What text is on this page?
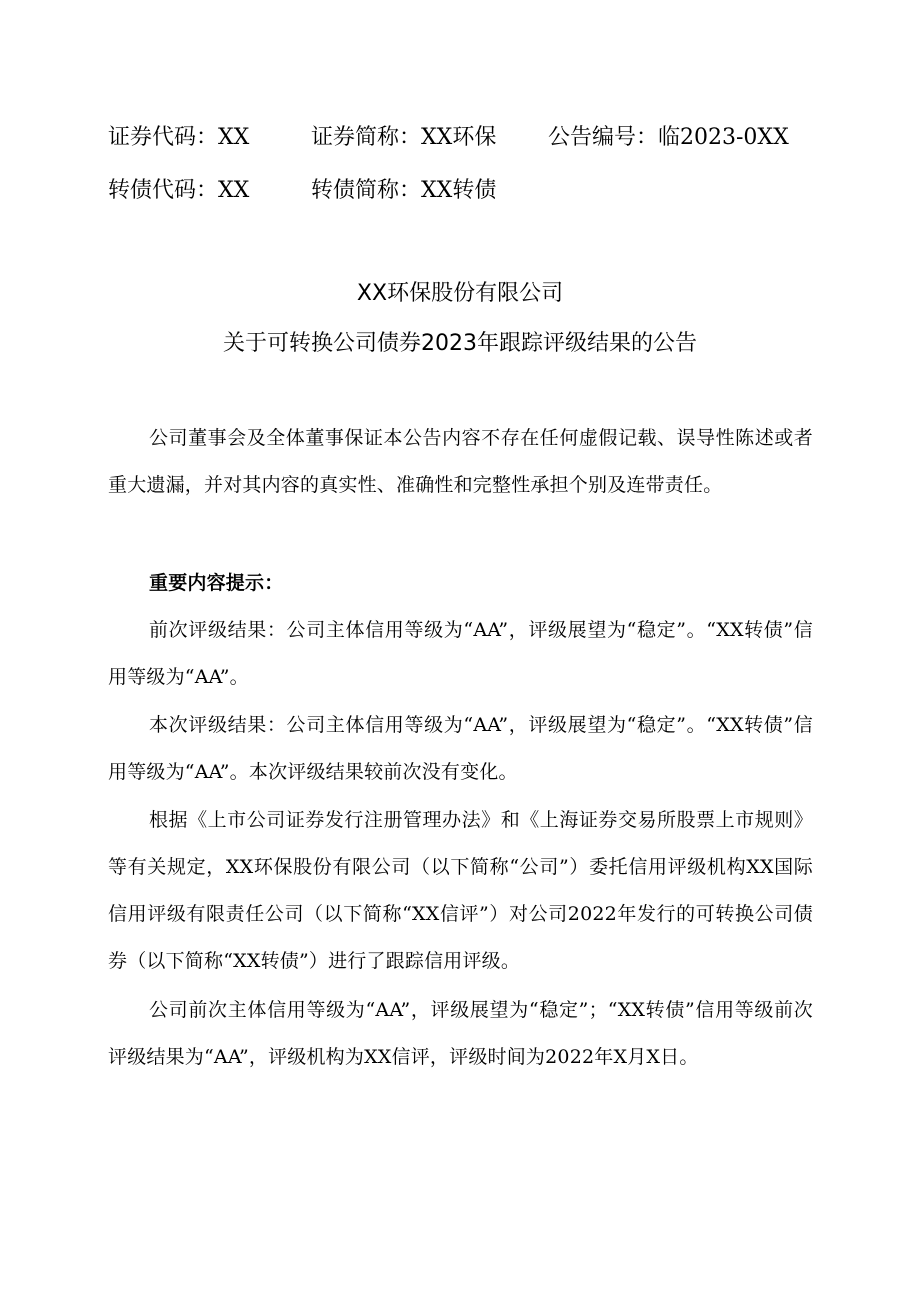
证券代码：XX	证券简称：XX环保 公告编号：临2023-0XX
转债代码：XX	转债简称：XX转债
XX环保股份有限公司
关于可转换公司债券2023年跟踪评级结果的公告

公司董事会及全体董事保证本公告内容不存在任何虚假记载、误导性陈述或者重大遗漏，并对其内容的真实性、准确性和完整性承担个别及连带责任。

重要内容提示：

前次评级结果：公司主体信用等级为“AA”，评级展望为“稳定”。“XX转债”信用等级为“AA”。

本次评级结果：公司主体信用等级为“AA”，评级展望为“稳定”。“XX转债”信用等级为“AA”。本次评级结果较前次没有变化。

根据《上市公司证券发行注册管理办法》和《上海证券交易所股票上市规则》等有关规定，XX环保股份有限公司（以下简称“公司”）委托信用评级机构XX国际信用评级有限责任公司（以下简称“XX信评”）对公司2022年发行的可转换公司债券（以下简称“XX转债”）进行了跟踪信用评级。

公司前次主体信用等级为“AA”，评级展望为“稳定”；“XX转债”信用等级前次评级结果为“AA”，评级机构为XX信评，评级时间为2022年X月X日。
